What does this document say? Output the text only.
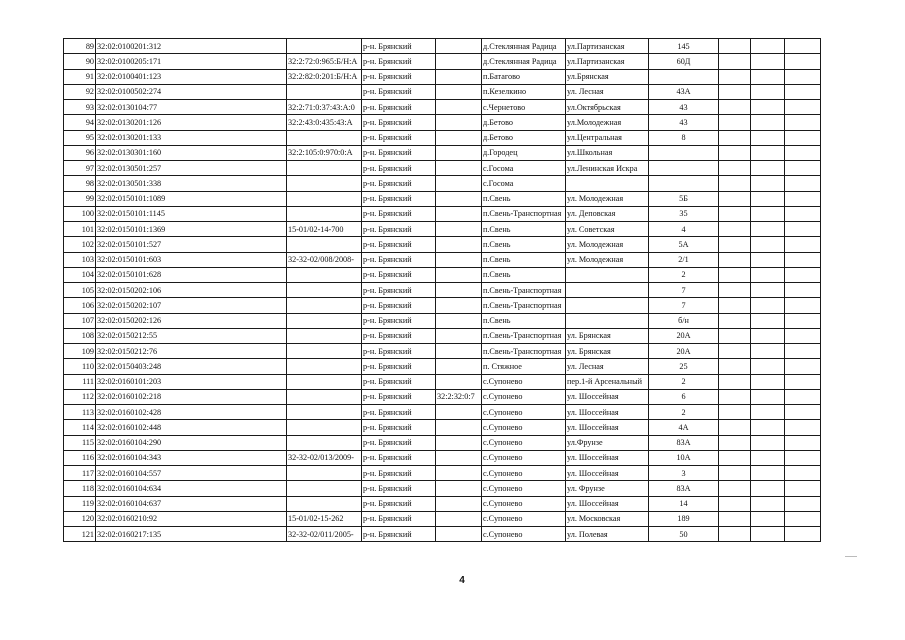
89	32:02:0100201:312		р-н. Брянский		д.Стеклянная Радица	ул.Партизанская	145			
90	32:02:0100205:171	32:2:72:0:965:Б/Н:А	р-н. Брянский		д.Стеклянная Радица	ул.Партизанская	60Д			
91	32:02:0100401:123	32:2:82:0:201:Б/Н:А	р-н. Брянский		п.Батагово	ул.Брянская				
92	32:02:0100502:274		р-н. Брянский		п.Кезелкино	ул. Лесная	43А			
93	32:02:0130104:77	32:2:71:0:37:43:А:0	р-н. Брянский		с.Чернетово	ул.Октябрьская	43			
94	32:02:0130201:126	32:2:43:0:435:43:А	р-н. Брянский		д.Бетово	ул.Молодежная	43			
95	32:02:0130201:133		р-н. Брянский		д.Бетово	ул.Центральная	8			
96	32:02:0130301:160	32:2:105:0:970:0:А	р-н. Брянский		д.Городец	ул.Школьная				
97	32:02:0130501:257		р-н. Брянский		с.Госома	ул.Ленинская Искра				
98	32:02:0130501:338		р-н. Брянский		с.Госома					
99	32:02:0150101:1089		р-н. Брянский		п.Свень	ул. Молодежная	5Б			
100	32:02:0150101:1145		р-н. Брянский		п.Свень-Транспортная	ул. Деповская	35			
101	32:02:0150101:1369	15-01/02-14-700	р-н. Брянский		п.Свень	ул. Советская	4			
102	32:02:0150101:527		р-н. Брянский		п.Свень	ул. Молодежная	5А			
103	32:02:0150101:603	32-32-02/008/2008-	р-н. Брянский		п.Свень	ул. Молодежная	2/1			
104	32:02:0150101:628		р-н. Брянский		п.Свень		2			
105	32:02:0150202:106		р-н. Брянский		п.Свень-Транспортная		7			
106	32:02:0150202:107		р-н. Брянский		п.Свень-Транспортная		7			
107	32:02:0150202:126		р-н. Брянский		п.Свень		б/н			
108	32:02:0150212:55		р-н. Брянский		п.Свень-Транспортная	ул. Брянская	20А			
109	32:02:0150212:76		р-н. Брянский		п.Свень-Транспортная	ул. Брянская	20А			
110	32:02:0150403:248		р-н. Брянский		п. Стяжное	ул. Лесная	25			
111	32:02:0160101:203		р-н. Брянский		с.Супонево	пер.1-й Арсенальный	2			
112	32:02:0160102:218		р-н. Брянский	32:2:32:0:7	с.Супонево	ул. Шоссейная	6			
113	32:02:0160102:428		р-н. Брянский		с.Супонево	ул. Шоссейная	2			
114	32:02:0160102:448		р-н. Брянский		с.Супонево	ул. Шоссейная	4А			
115	32:02:0160104:290		р-н. Брянский		с.Супонево	ул.Фрунзе	83А			
116	32:02:0160104:343	32-32-02/013/2009-	р-н. Брянский		с.Супонево	ул. Шоссейная	10А			
117	32:02:0160104:557		р-н. Брянский		с.Супонево	ул. Шоссейная	3			
118	32:02:0160104:634		р-н. Брянский		с.Супонево	ул. Фрунзе	83А			
119	32:02:0160104:637		р-н. Брянский		с.Супонево	ул. Шоссейная	14			
120	32:02:0160210:92	15-01/02-15-262	р-н. Брянский		с.Супонево	ул. Московская	189			
121	32:02:0160217:135	32-32-02/011/2005-	р-н. Брянский		с.Супонево	ул. Полевая	50			
4
